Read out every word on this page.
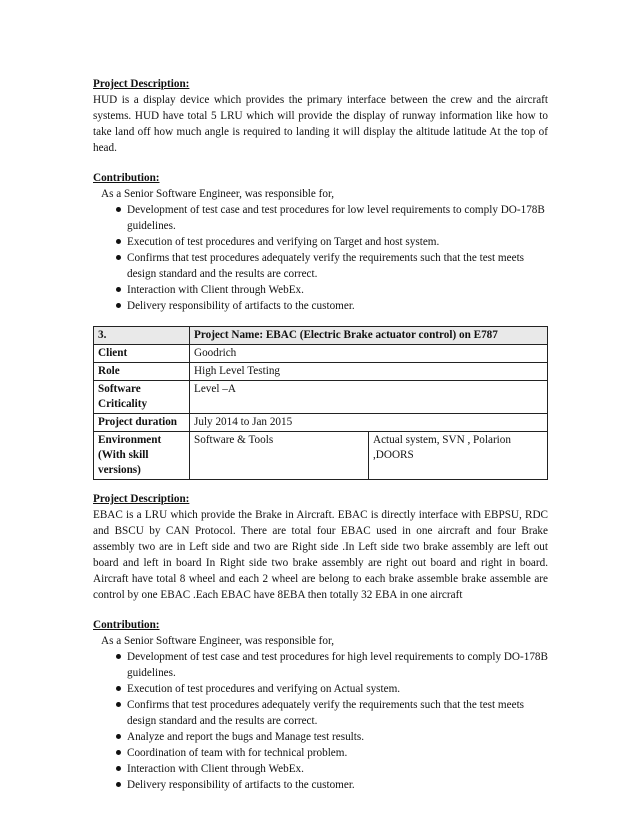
Project Description:

HUD is a display device which provides the primary interface between the crew and the aircraft systems. HUD have total 5 LRU which will provide the display of runway information like how to take land off how much angle is required to landing it will display the altitude latitude At the top of head.

Contribution:

As a Senior Software Engineer, was responsible for,

Development of test case and test procedures for low level requirements to comply DO-178B guidelines.
Execution of test procedures and verifying on Target and host system.
Confirms that test procedures adequately verify the requirements such that the test meets design standard and the results are correct.
Interaction with Client through WebEx.
Delivery responsibility of artifacts to the customer.
3.	Project Name: EBAC (Electric Brake actuator control) on E787	
Client	Goodrich	
Role	High Level Testing	
Software Criticality	Level –A	
Project duration	July 2014 to Jan 2015	
Environment (With skill versions)	Software & Tools	Actual system, SVN , Polarion ,DOORS

Project Description:

EBAC is a LRU which provide the Brake in Aircraft. EBAC is directly interface with EBPSU, RDC and BSCU by CAN Protocol. There are total four EBAC used in one aircraft and four Brake assembly two are in Left side and two are Right side .In Left side two brake assembly are left out board and left in board In Right side two brake assembly are right out board and right in board. Aircraft have total 8 wheel and each 2 wheel are belong to each brake assemble brake assemble are control by one EBAC .Each EBAC have 8EBA then totally 32 EBA in one aircraft

Contribution:

As a Senior Software Engineer, was responsible for,

Development of test case and test procedures for high level requirements to comply DO-178B guidelines.
Execution of test procedures and verifying on Actual system.
Confirms that test procedures adequately verify the requirements such that the test meets design standard and the results are correct.
Analyze and report the bugs and Manage test results.
Coordination of team with for technical problem.
Interaction with Client through WebEx.
Delivery responsibility of artifacts to the customer.
